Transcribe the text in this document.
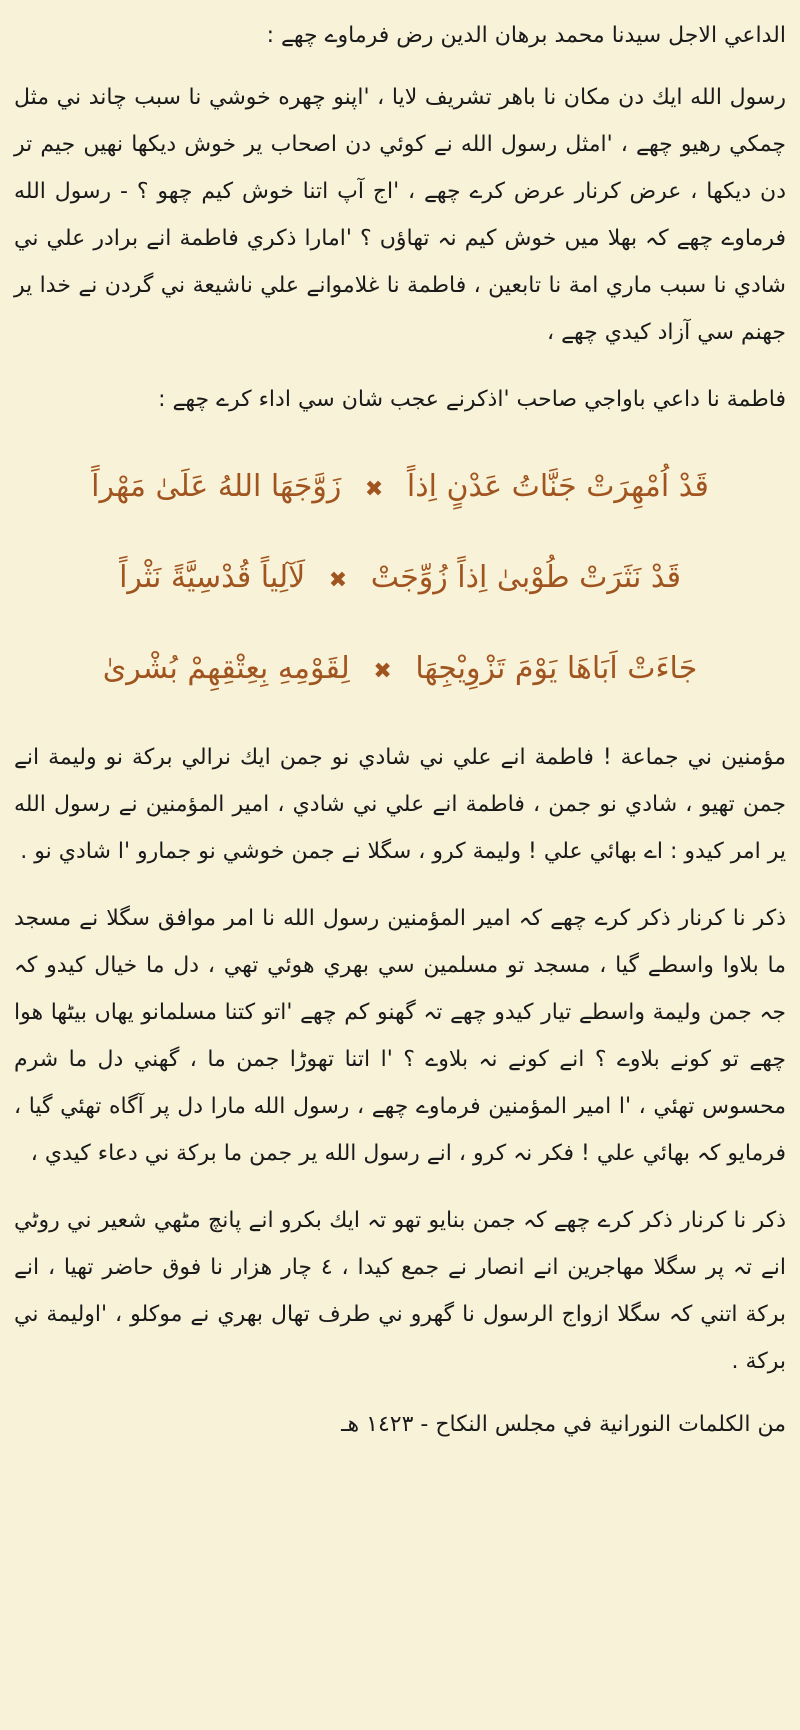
الداعي الاجل سيدنا محمد برهان الدين رض فرماوے چھے :

رسول الله ايك دن مكان نا باهر تشريف لايا ، 'اپنو چهره خوشي نا سبب چاند ني مثل چمكي رهيو چھے ، 'امثل رسول الله نے كوئي دن اصحاب ير خوش ديكها نهيں جيم تر دن ديكها ، عرض كرنار عرض كرے چھے ، 'اج آپ اتنا خوش كيم چهو ؟ - رسول الله فرماوے چھے كہ بهلا ميں خوش كيم نہ تهاؤں ؟ 'امارا ذكري فاطمة انے برادر علي ني شادي نا سبب ماري امة نا تابعين ، فاطمة نا غلاموانے علي ناشيعة ني گردن نے خدا ير جهنم سي آزاد كيدي چھے ،

فاطمة نا داعي باواجي صاحب 'اذكرنے عجب شان سي اداء كرے چھے :

قَدْ اُمْهِرَتْ جَنَّاتُ عَدْنٍ اِذاً ✖ زَوَّجَهَا اللهُ عَلَىٰ مَهْراً
قَدْ نَثَرَتْ طُوْبىٰ اِذاً زُوِّجَتْ ✖ لَآلِياً قُدْسِيَّةً نَثْراً
جَاءَتْ اَبَاهَا يَوْمَ تَزْوِيْجِهَا ✖ لِقَوْمِهِ بِعِتْقِهِمْ بُشْرىٰ

مؤمنين ني جماعة ! فاطمة انے علي ني شادي نو جمن ايك نرالي بركة نو وليمة انے جمن تهيو ، شادي نو جمن ، فاطمة انے علي ني شادي ، امير المؤمنين نے رسول الله ير امر كيدو : اے بهائي علي ! وليمة كرو ، سگلا نے جمن خوشي نو جمارو 'ا شادي نو .

ذكر نا كرنار ذكر كرے چھے كہ امير المؤمنين رسول الله نا امر موافق سگلا نے مسجد ما بلاوا واسطے گيا ، مسجد تو مسلمين سي بهري هوئي تهي ، دل ما خيال كيدو كہ جہ جمن وليمة واسطے تيار كيدو چھے تہ گهنو كم چھے 'اتو كتنا مسلمانو يهاں بيٹھا هوا چھے تو كونے بلاوے ؟ انے كونے نہ بلاوے ؟ 'ا اتنا تهوڑا جمن ما ، گهني دل ما شرم محسوس تهئي ، 'ا امير المؤمنين فرماوے چھے ، رسول الله مارا دل پر آگاه تهئي گيا ، فرمايو كہ بهائي علي ! فكر نہ كرو ، انے رسول الله ير جمن ما بركة ني دعاء كيدي ،

ذكر نا كرنار ذكر كرے چھے كہ جمن بنايو تهو تہ ايك بكرو انے پانچ مٹهي شعير ني روٹي انے تہ پر سگلا مهاجرين انے انصار نے جمع كيدا ، ٤ چار هزار نا فوق حاضر تهيا ، انے بركة اتني كہ سگلا ازواج الرسول نا گهرو ني طرف تهال بهري نے موكلو ، 'اوليمة ني بركة .

من الكلمات النورانية في مجلس النكاح - ١٤٢٣ هـ
